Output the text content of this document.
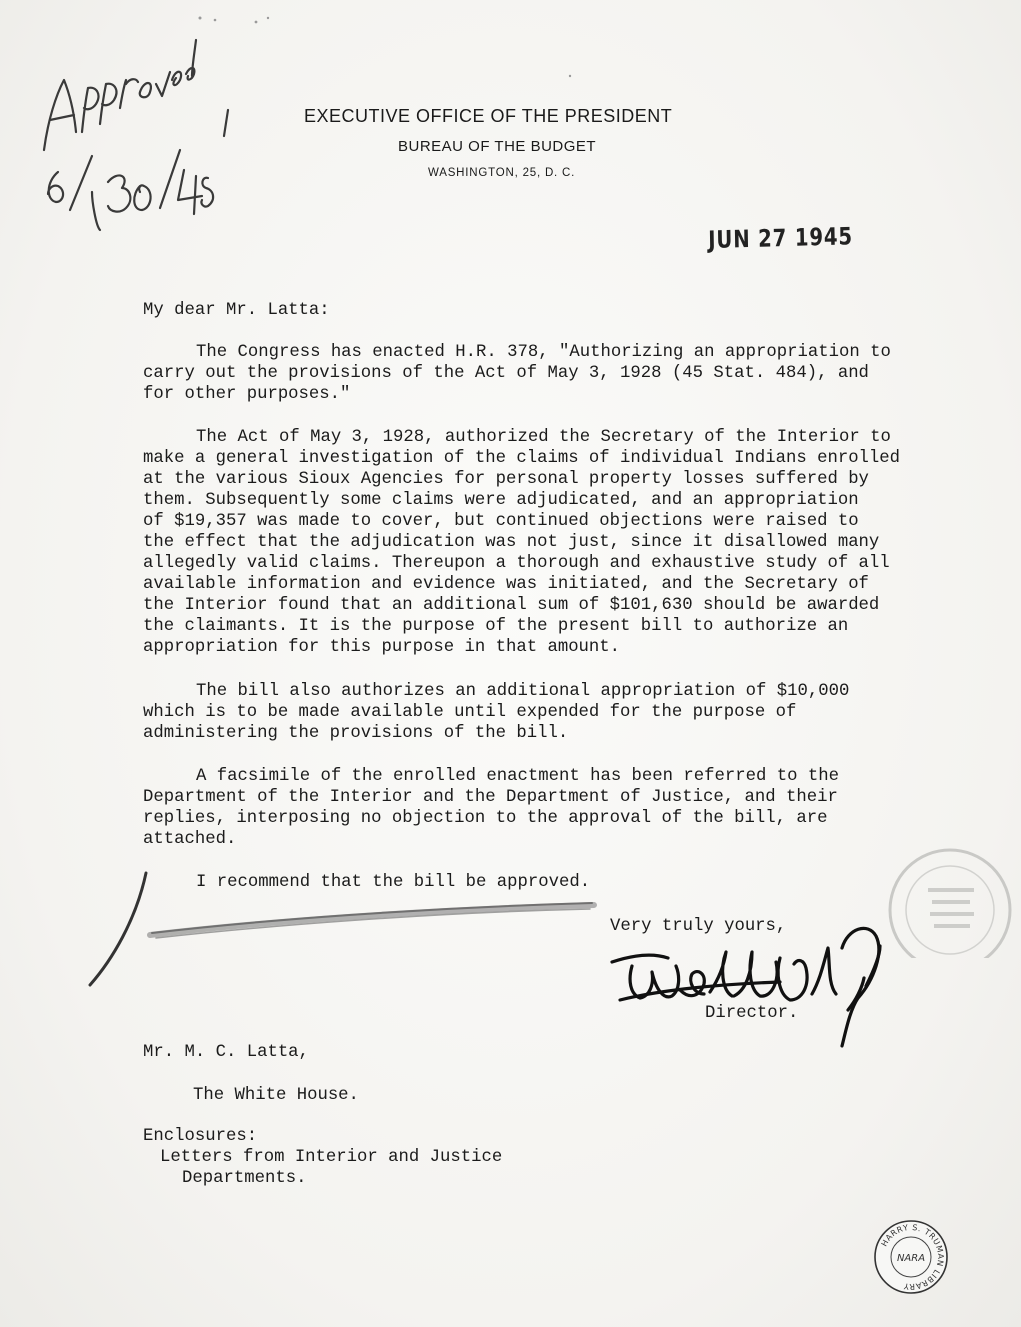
EXECUTIVE OFFICE OF THE PRESIDENT
BUREAU OF THE BUDGET
WASHINGTON, 25, D. C.
JUN 27 1945
My dear Mr. Latta:
The Congress has enacted H.R. 378, "Authorizing an appropriation to
carry out the provisions of the Act of May 3, 1928 (45 Stat. 484), and
for other purposes."
The Act of May 3, 1928, authorized the Secretary of the Interior to
make a general investigation of the claims of individual Indians enrolled
at the various Sioux Agencies for personal property losses suffered by
them. Subsequently some claims were adjudicated, and an appropriation
of $19,357 was made to cover, but continued objections were raised to
the effect that the adjudication was not just, since it disallowed many
allegedly valid claims. Thereupon a thorough and exhaustive study of all
available information and evidence was initiated, and the Secretary of
the Interior found that an additional sum of $101,630 should be awarded
the claimants. It is the purpose of the present bill to authorize an
appropriation for this purpose in that amount.
The bill also authorizes an additional appropriation of $10,000
which is to be made available until expended for the purpose of
administering the provisions of the bill.
A facsimile of the enrolled enactment has been referred to the
Department of the Interior and the Department of Justice, and their
replies, interposing no objection to the approval of the bill, are
attached.
I recommend that the bill be approved.
Very truly yours,
Mr. M. C. Latta,
The White House.
Enclosures:
Letters from Interior and Justice
Departments.
Director.
HARRY S. TRUMAN LIBRARY
NARA
